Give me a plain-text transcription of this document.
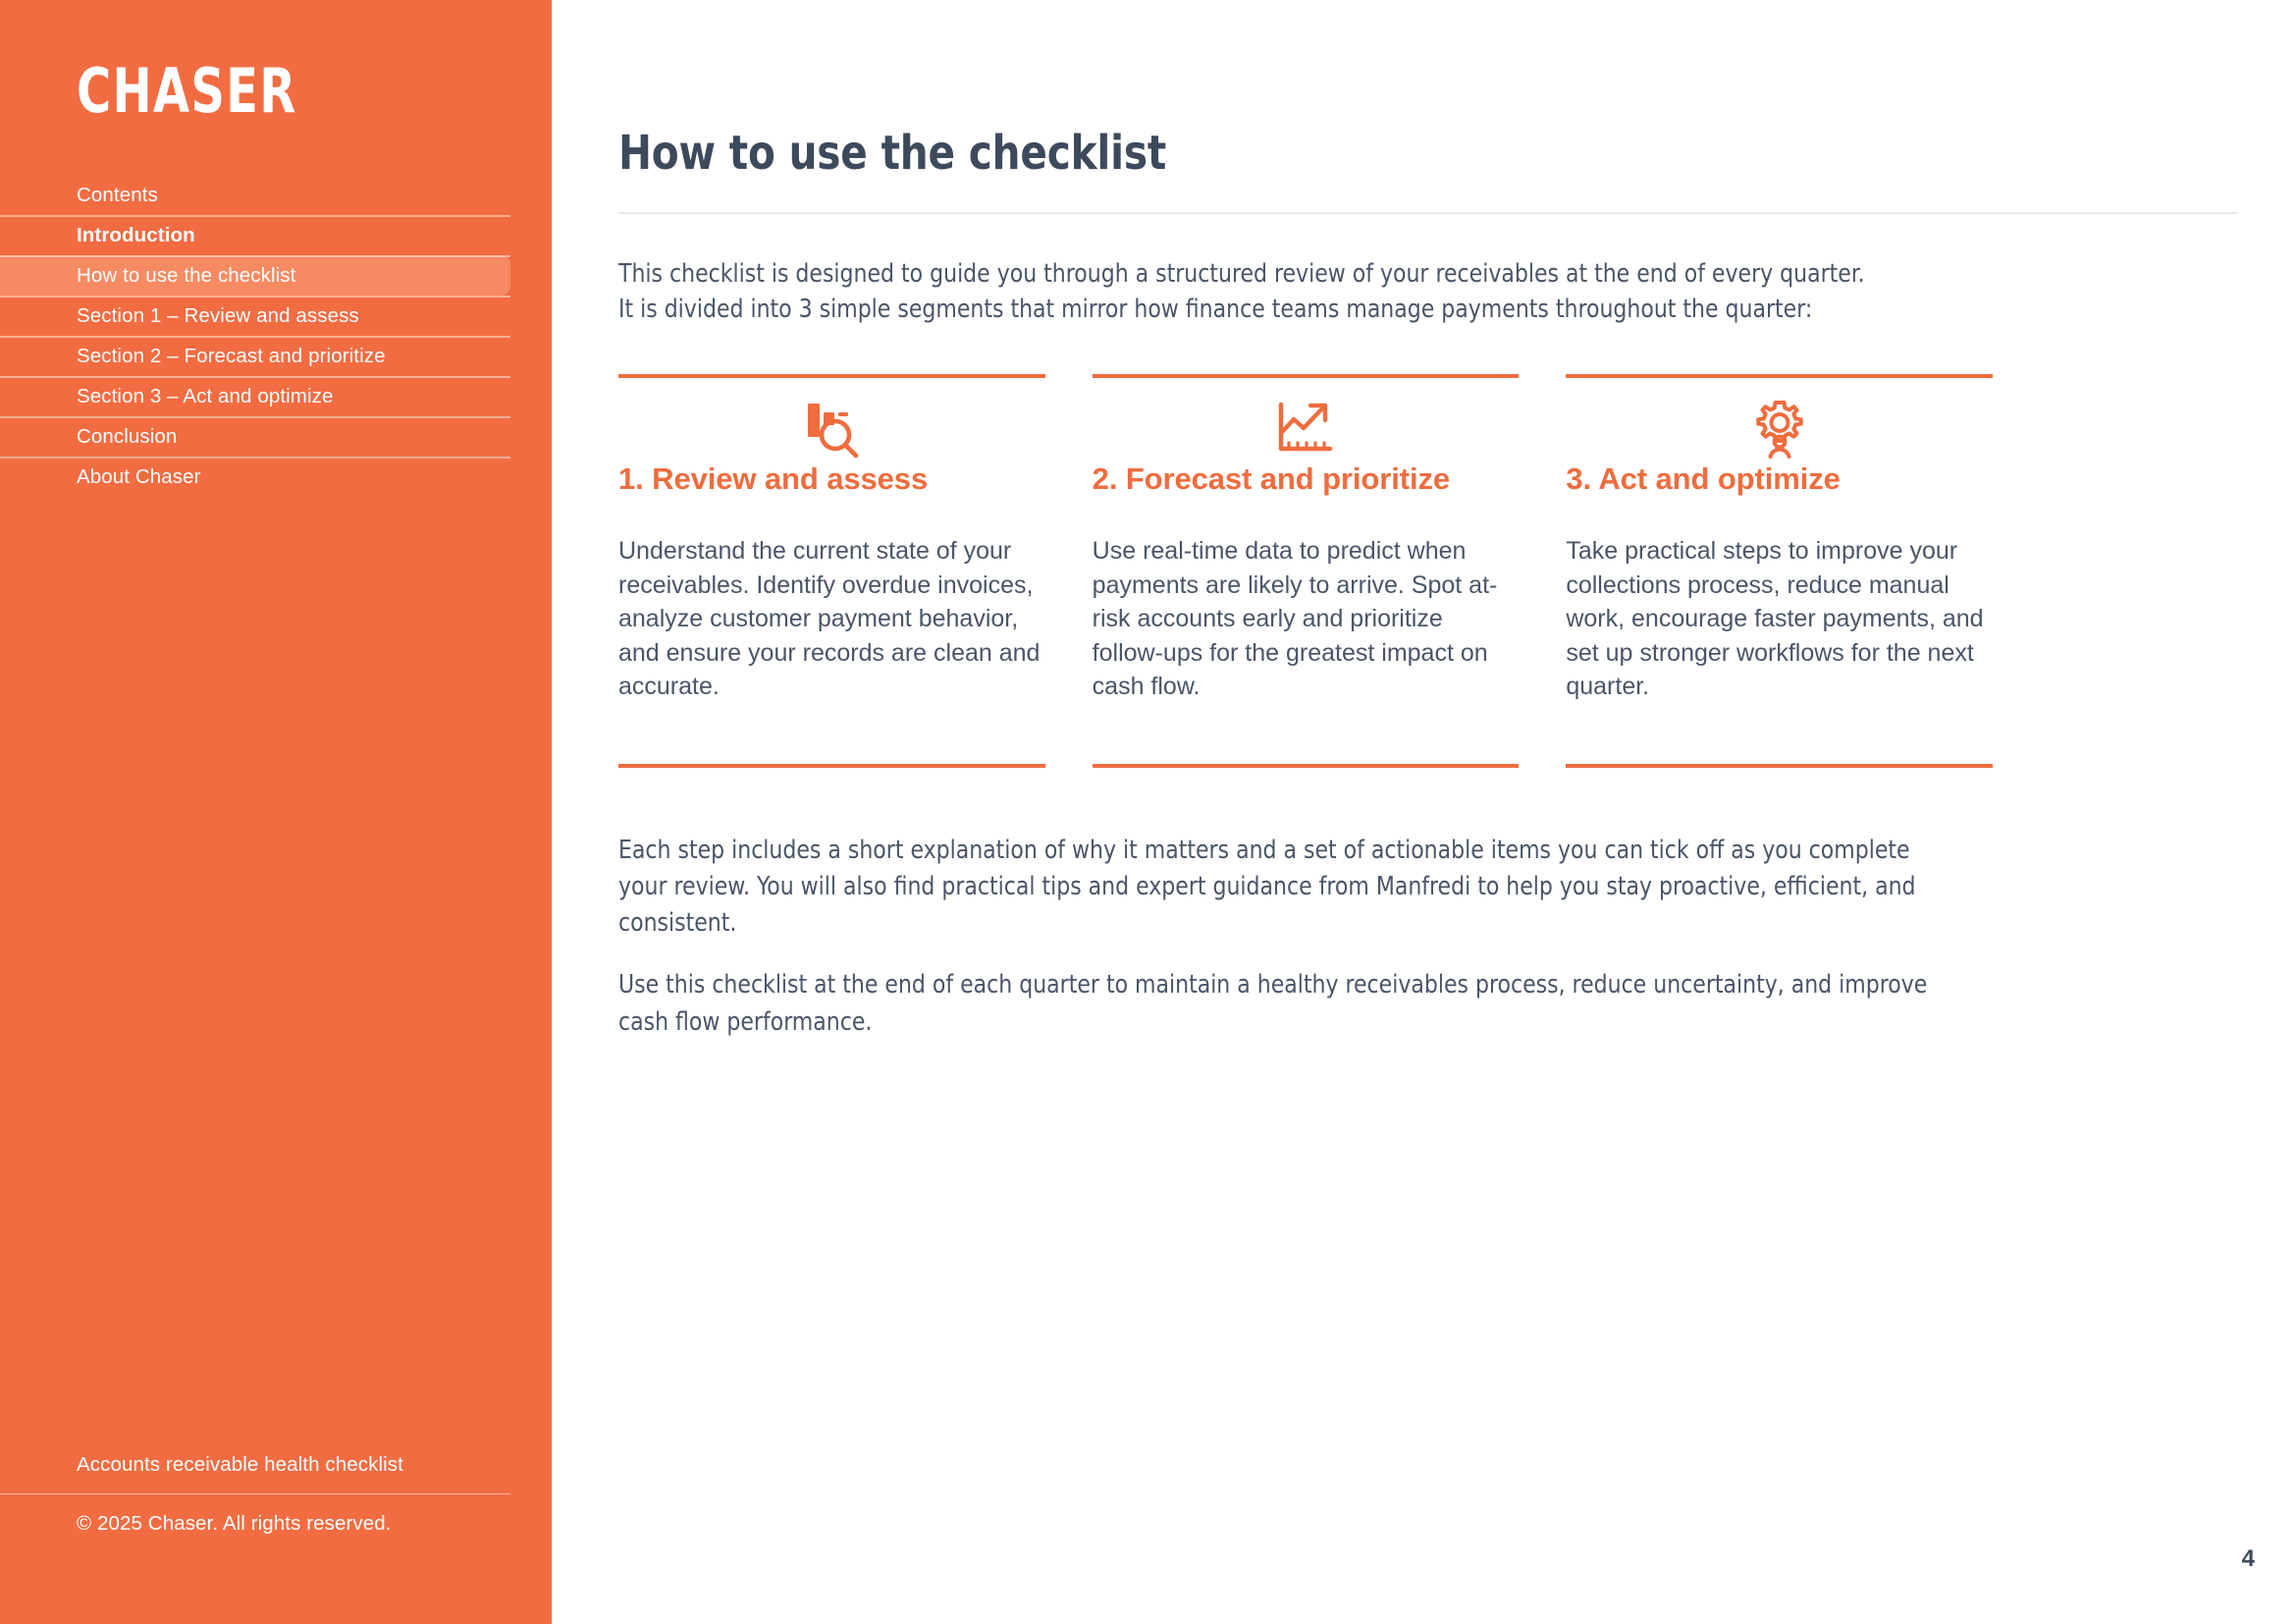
CHASER
Contents
Introduction
How to use the checklist
Section 1 – Review and assess
Section 2 – Forecast and prioritize
Section 3 – Act and optimize
Conclusion
About Chaser
Accounts receivable health checklist
© 2025 Chaser. All rights reserved.
How to use the checklist

This checklist is designed to guide you through a structured review of your receivables at the end of every quarter.

It is divided into 3 simple segments that mirror how finance teams manage payments throughout the quarter:

1. Review and assess

Understand the current state of your receivables. Identify overdue invoices, analyze customer payment behavior, and ensure your records are clean and accurate.

2. Forecast and prioritize

Use real-time data to predict when payments are likely to arrive. Spot at-risk accounts early and prioritize follow-ups for the greatest impact on cash flow.

3. Act and optimize

Take practical steps to improve your collections process, reduce manual work, encourage faster payments, and set up stronger workflows for the next quarter.

Each step includes a short explanation of why it matters and a set of actionable items you can tick off as you complete your review. You will also find practical tips and expert guidance from Manfredi to help you stay proactive, efficient, and consistent.

Use this checklist at the end of each quarter to maintain a healthy receivables process, reduce uncertainty, and improve cash flow performance.

4
